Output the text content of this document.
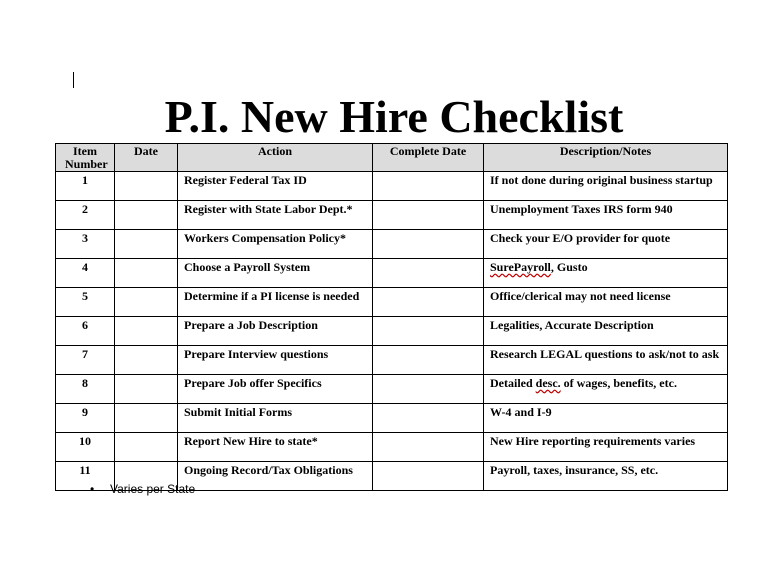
P.I. New Hire Checklist
Item Number	Date	Action	Complete Date	Description/Notes
1		Register Federal Tax ID		If not done during original business startup
2		Register with State Labor Dept.*		Unemployment Taxes IRS form 940
3		Workers Compensation Policy*		Check your E/O provider for quote
4		Choose a Payroll System		SurePayroll, Gusto
5		Determine if a PI license is needed		Office/clerical may not need license
6		Prepare a Job Description		Legalities, Accurate Description
7		Prepare Interview questions		Research LEGAL questions to ask/not to ask
8		Prepare Job offer Specifics		Detailed desc. of wages, benefits, etc.
9		Submit Initial Forms		W-4 and I-9
10		Report New Hire to state*		New Hire reporting requirements varies
11		Ongoing Record/Tax Obligations		Payroll, taxes, insurance, SS, etc.
• Varies per State
